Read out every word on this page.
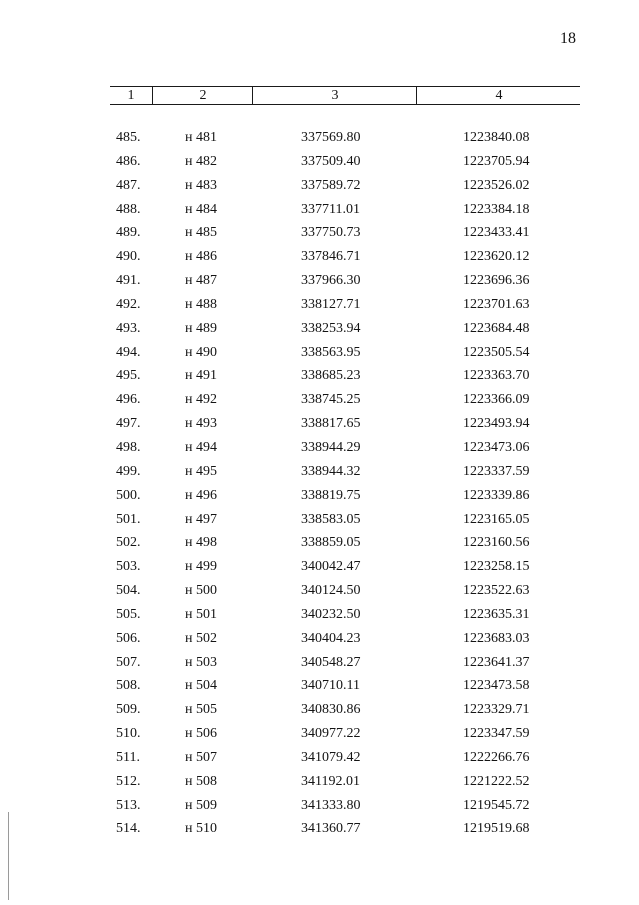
18
1	2	3	4
485.	н 481	337569.80	1223840.08
486.	н 482	337509.40	1223705.94
487.	н 483	337589.72	1223526.02
488.	н 484	337711.01	1223384.18
489.	н 485	337750.73	1223433.41
490.	н 486	337846.71	1223620.12
491.	н 487	337966.30	1223696.36
492.	н 488	338127.71	1223701.63
493.	н 489	338253.94	1223684.48
494.	н 490	338563.95	1223505.54
495.	н 491	338685.23	1223363.70
496.	н 492	338745.25	1223366.09
497.	н 493	338817.65	1223493.94
498.	н 494	338944.29	1223473.06
499.	н 495	338944.32	1223337.59
500.	н 496	338819.75	1223339.86
501.	н 497	338583.05	1223165.05
502.	н 498	338859.05	1223160.56
503.	н 499	340042.47	1223258.15
504.	н 500	340124.50	1223522.63
505.	н 501	340232.50	1223635.31
506.	н 502	340404.23	1223683.03
507.	н 503	340548.27	1223641.37
508.	н 504	340710.11	1223473.58
509.	н 505	340830.86	1223329.71
510.	н 506	340977.22	1223347.59
511.	н 507	341079.42	1222266.76
512.	н 508	341192.01	1221222.52
513.	н 509	341333.80	1219545.72
514.	н 510	341360.77	1219519.68
